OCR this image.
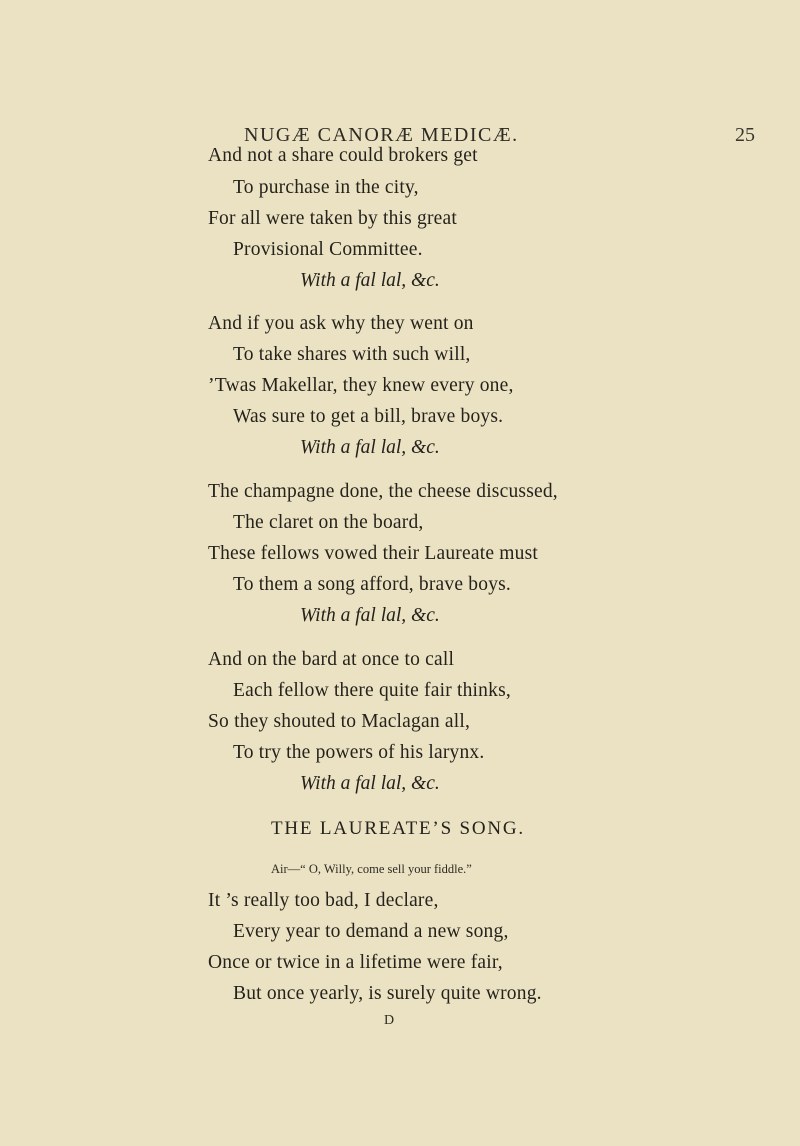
NUGÆ CANORÆ MEDICÆ.	25
And not a share could brokers get
To purchase in the city,
For all were taken by this great
Provisional Committee.
With a fal lal, &c.
And if you ask why they went on
To take shares with such will,
’Twas Makellar, they knew every one,
Was sure to get a bill, brave boys.
With a fal lal, &c.
The champagne done, the cheese discussed,
The claret on the board,
These fellows vowed their Laureate must
To them a song afford, brave boys.
With a fal lal, &c.
And on the bard at once to call
Each fellow there quite fair thinks,
So they shouted to Maclagan all,
To try the powers of his larynx.
With a fal lal, &c.
THE LAUREATE’S SONG.
Air—“ O, Willy, come sell your fiddle.”
It ’s really too bad, I declare,
Every year to demand a new song,
Once or twice in a lifetime were fair,
But once yearly, is surely quite wrong.
D
